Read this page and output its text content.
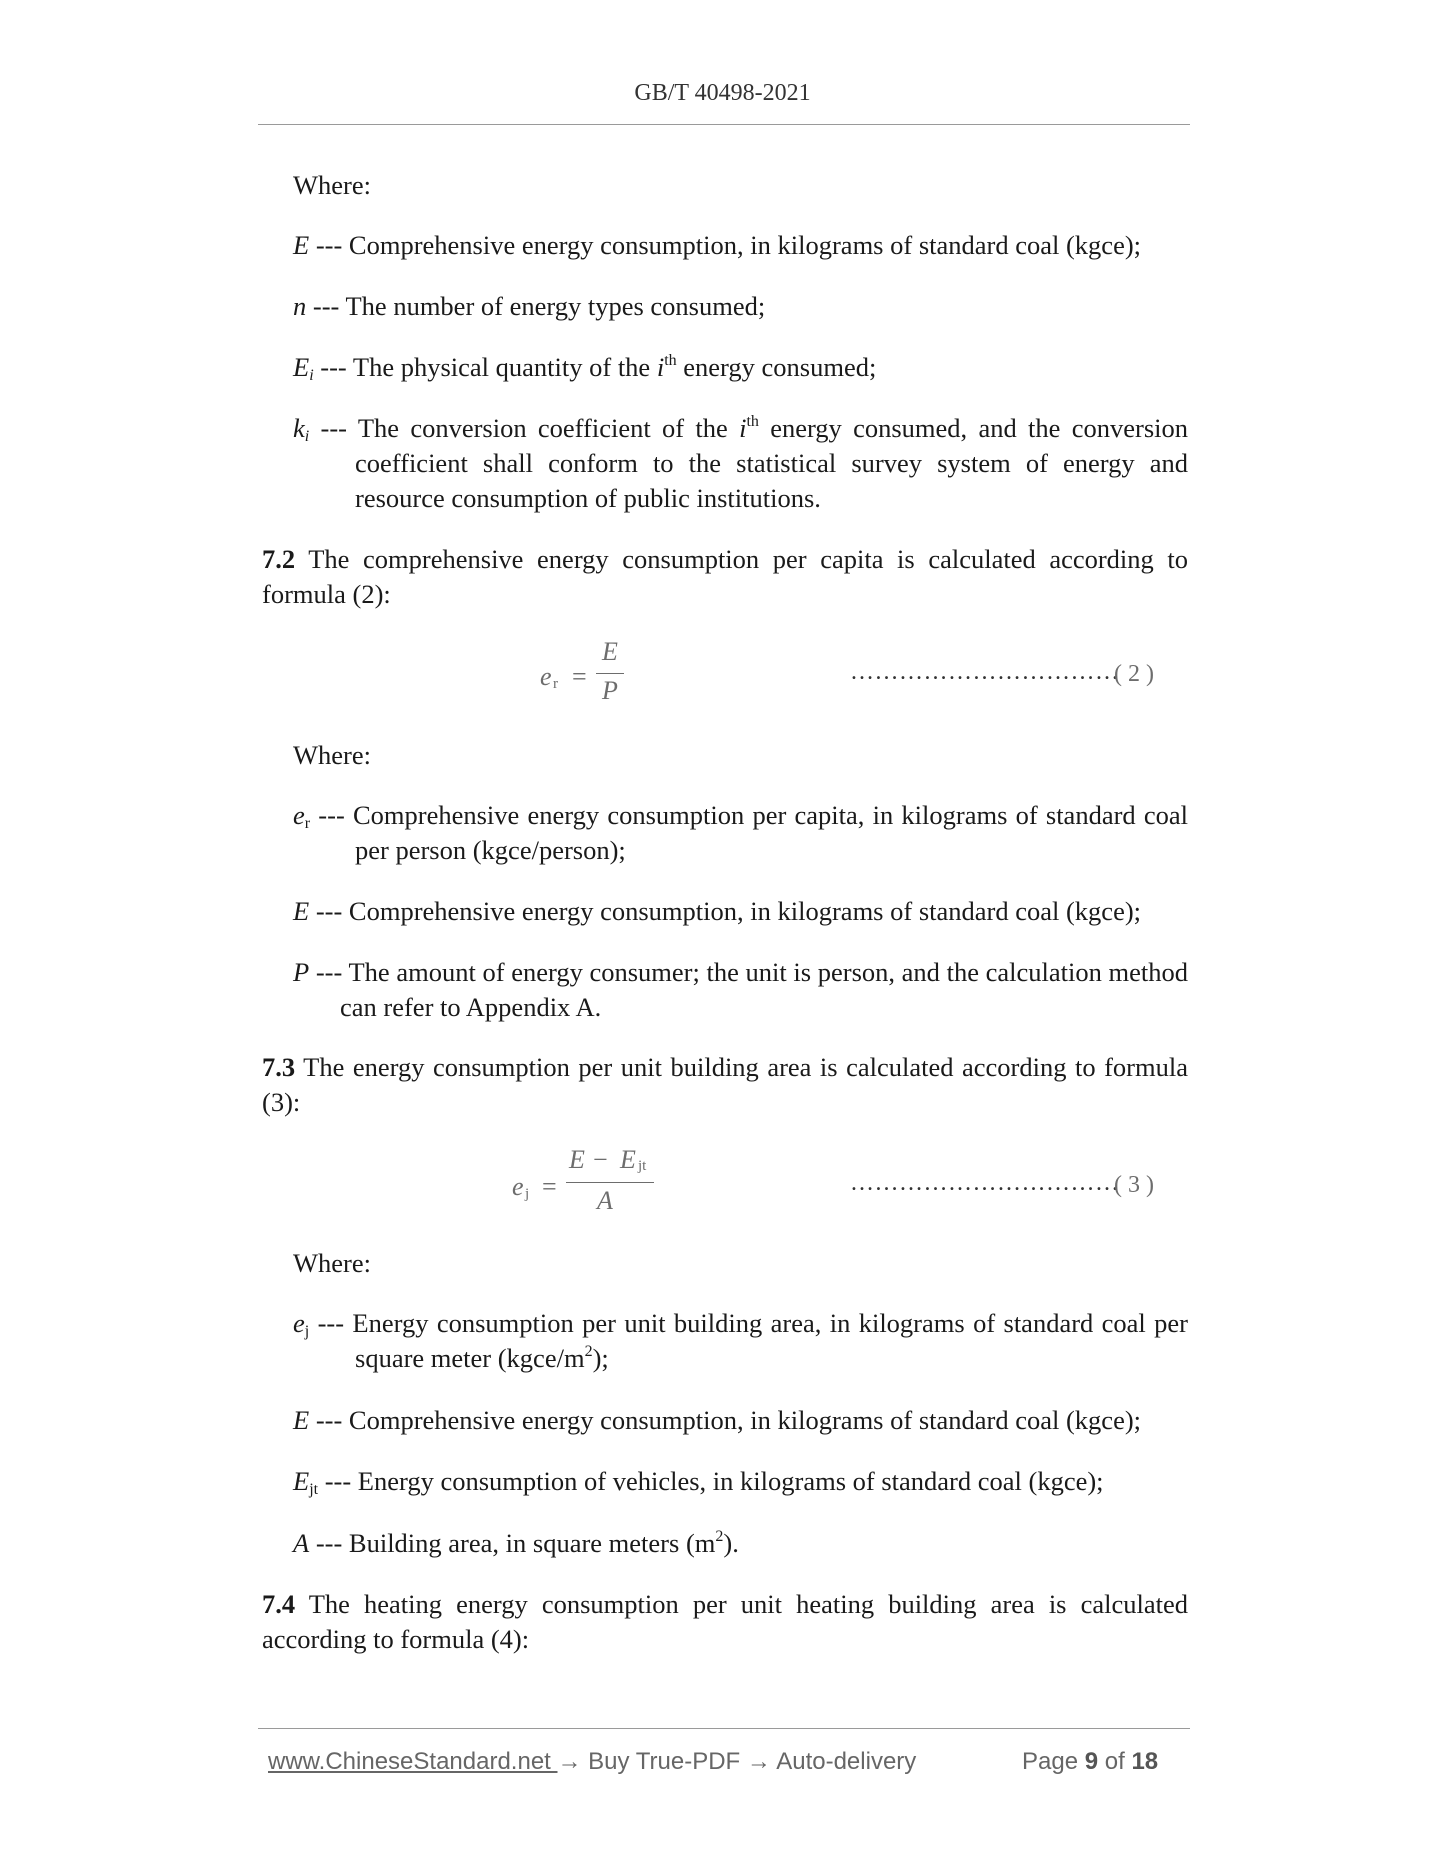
GB/T 40498-2021
Where:
E --- Comprehensive energy consumption, in kilograms of standard coal (kgce);
n --- The number of energy types consumed;
$E_i$ --- The physical quantity of the $i^{th}$ energy consumed;
$k_i$ --- The conversion coefficient of the $i^{th}$ energy consumed, and the conversion
coefficient shall conform to the statistical survey system of energy and
resource consumption of public institutions.
7.2 The comprehensive energy consumption per capita is calculated according to
formula (2):
e r =
E
P
……………………………
( 2 )
Where:
$e_r$ --- Comprehensive energy consumption per capita, in kilograms of standard coal
per person (kgce/person);
E --- Comprehensive energy consumption, in kilograms of standard coal (kgce);
P --- The amount of energy consumer; the unit is person, and the calculation method
can refer to Appendix A.
7.3 The energy consumption per unit building area is calculated according to formula
(3):
e j =
E − E jt
A
……………………………
( 3 )
Where:
$e_j$ --- Energy consumption per unit building area, in kilograms of standard coal per
square meter $(kgce/m^2)$;
E --- Comprehensive energy consumption, in kilograms of standard coal (kgce);
$E_{jt}$ --- Energy consumption of vehicles, in kilograms of standard coal (kgce);
A --- Building area, in square meters $(m^2)$.
7.4 The heating energy consumption per unit heating building area is calculated
according to formula (4):
www.ChineseStandard.net → Buy True-PDF → Auto-delivery	Page 9 of 18
